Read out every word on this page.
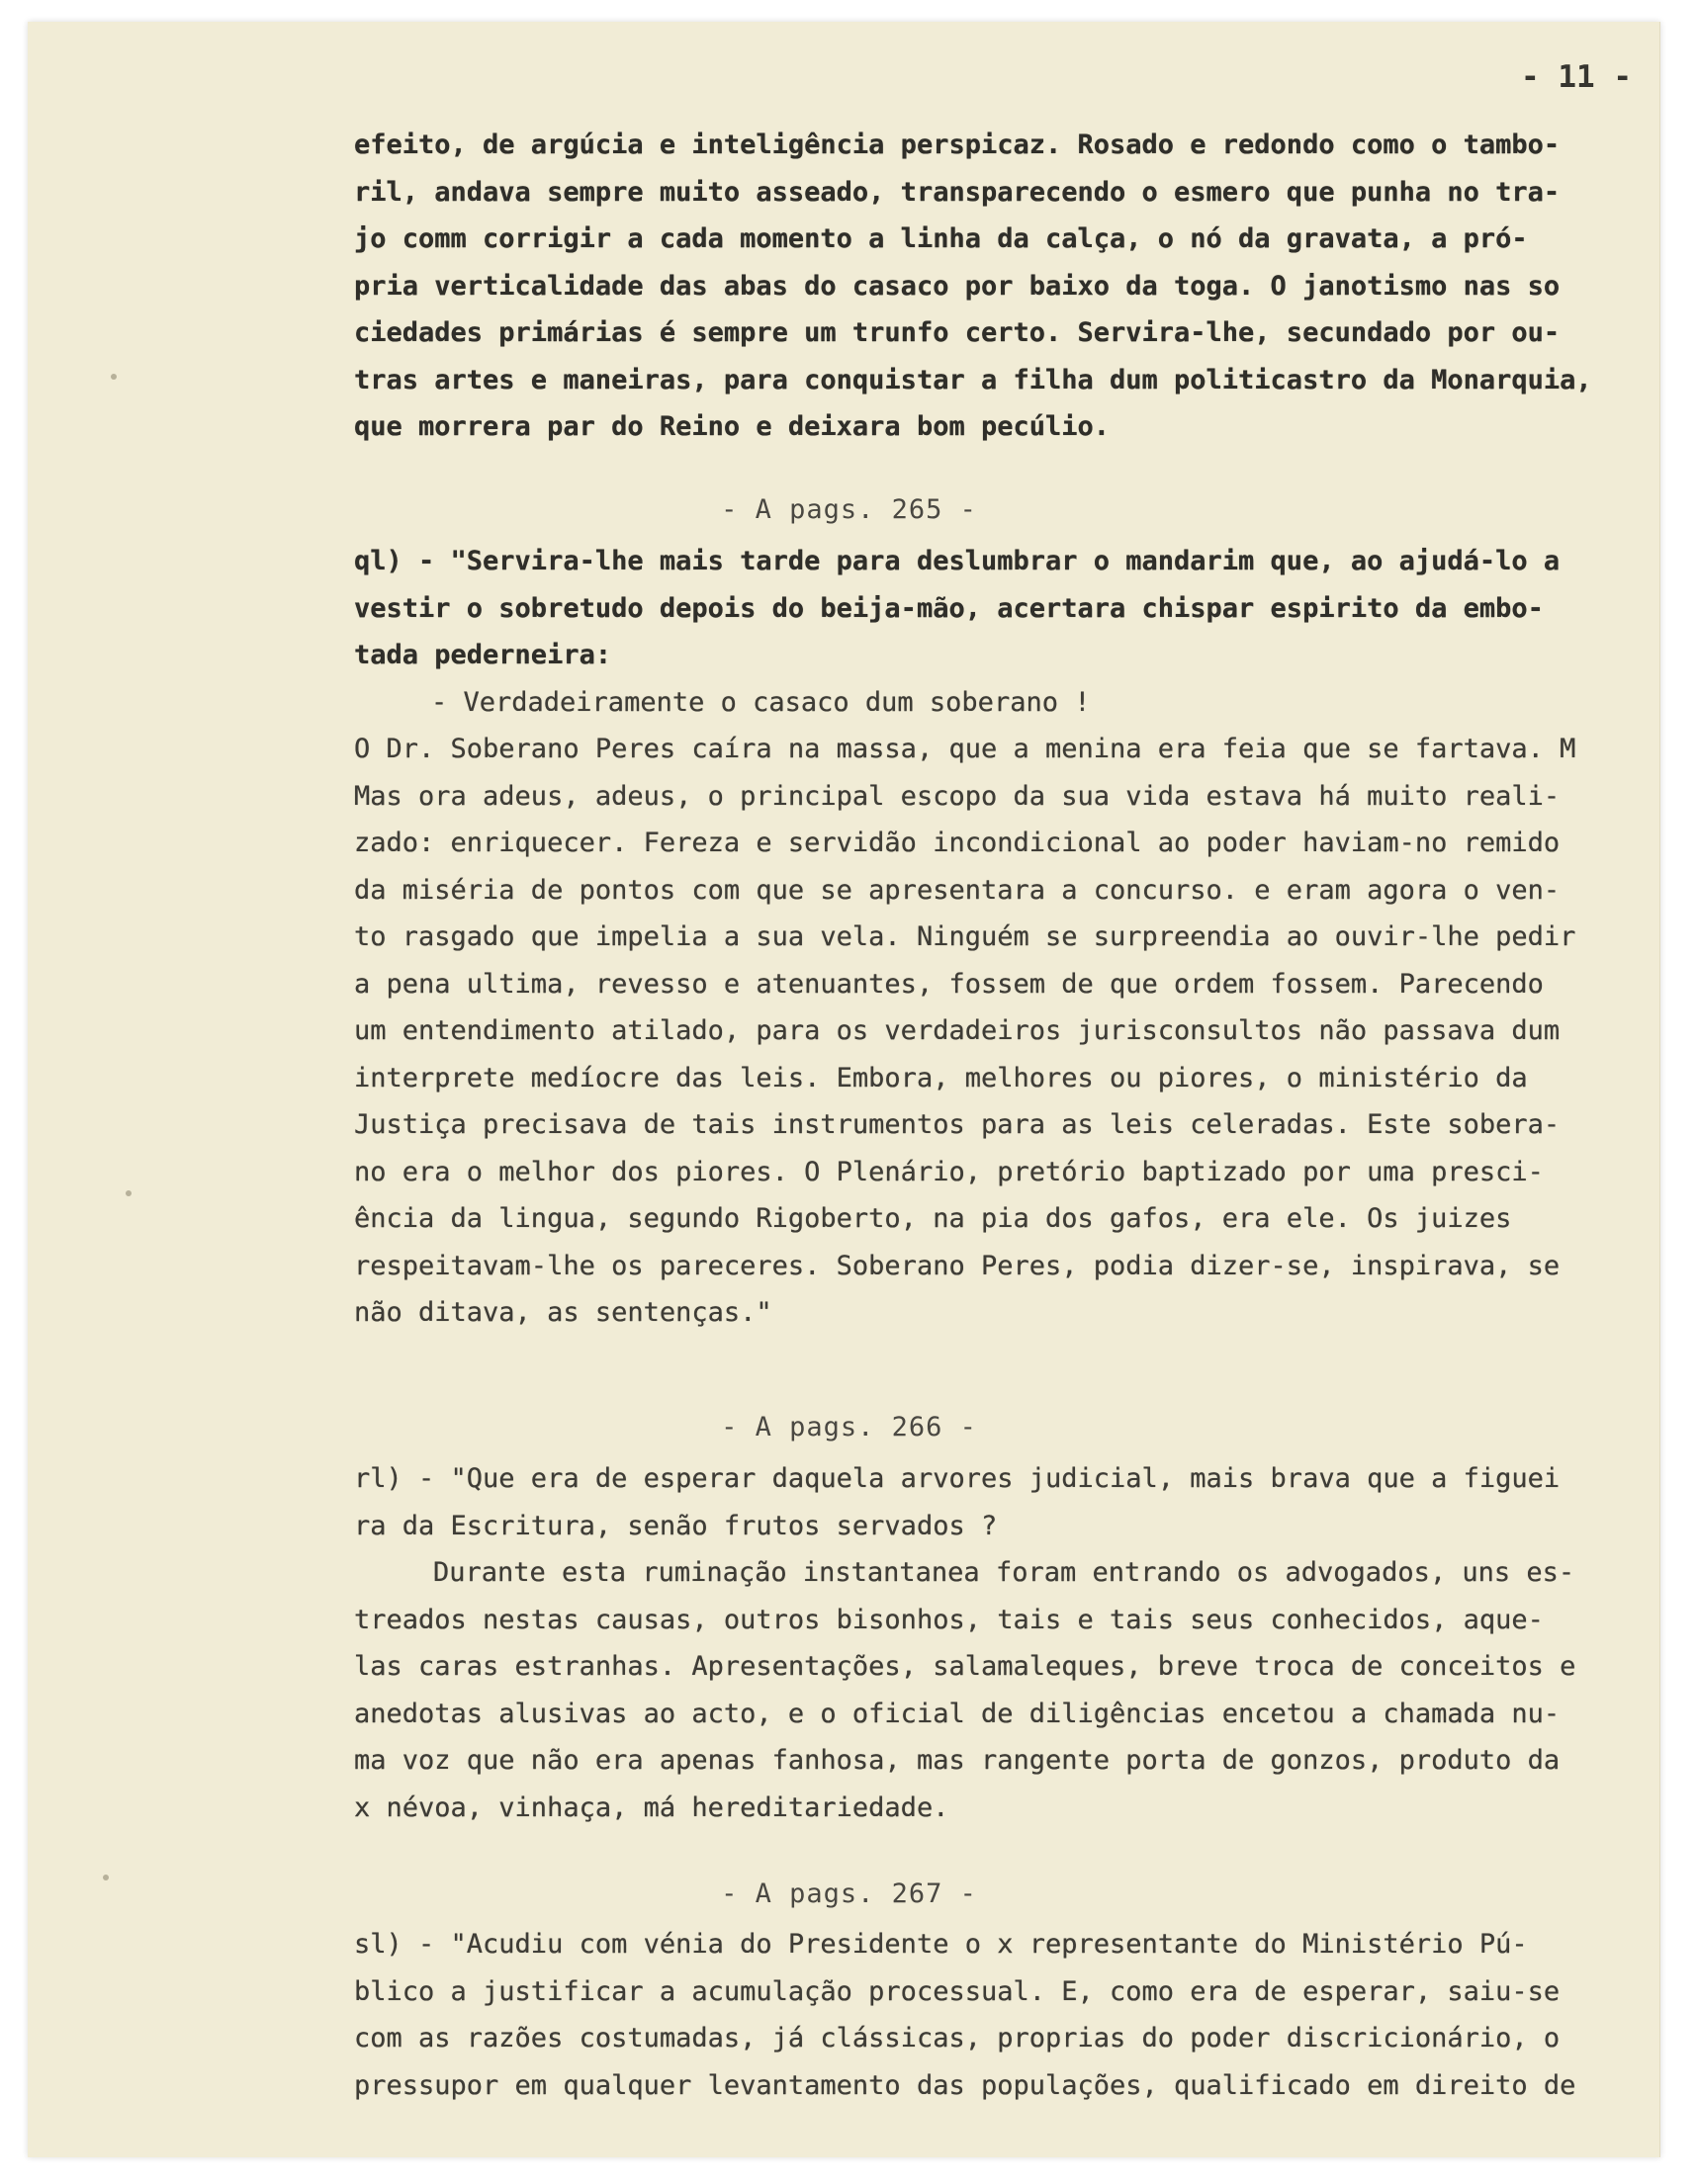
- 11 -
efeito, de argúcia e inteligência perspicaz. Rosado e redondo como o tambo-
ril, andava sempre muito asseado, transparecendo o esmero que punha no tra-
jo comm corrigir a cada momento a linha da calça, o nó da gravata, a pró-
pria verticalidade das abas do casaco por baixo da toga. O janotismo nas so
ciedades primárias é sempre um trunfo certo. Servira-lhe, secundado por ou-
tras artes e maneiras, para conquistar a filha dum politicastro da Monarquia,
que morrera par do Reino e deixara bom pecúlio.
- A pags. 265 -
ql) - "Servira-lhe mais tarde para deslumbrar o mandarim que, ao ajudá-lo a
vestir o sobretudo depois do beija-mão, acertara chispar espirito da embo-
tada pederneira:
- Verdadeiramente o casaco dum soberano !
O Dr. Soberano Peres caíra na massa, que a menina era feia que se fartava. M
Mas ora adeus, adeus, o principal escopo da sua vida estava há muito reali-
zado: enriquecer. Fereza e servidão incondicional ao poder haviam-no remido
da miséria de pontos com que se apresentara a concurso. e eram agora o ven-
to rasgado que impelia a sua vela. Ninguém se surpreendia ao ouvir-lhe pedir
a pena ultima, revesso e atenuantes, fossem de que ordem fossem. Parecendo
um entendimento atilado, para os verdadeiros jurisconsultos não passava dum
interprete medíocre das leis. Embora, melhores ou piores, o ministério da
Justiça precisava de tais instrumentos para as leis celeradas. Este sobera-
no era o melhor dos piores. O Plenário, pretório baptizado por uma presci-
ência da lingua, segundo Rigoberto, na pia dos gafos, era ele. Os juizes
respeitavam-lhe os pareceres. Soberano Peres, podia dizer-se, inspirava, se
não ditava, as sentenças."
- A pags. 266 -
rl) - "Que era de esperar daquela arvores judicial, mais brava que a figuei
ra da Escritura, senão frutos servados ?
Durante esta ruminação instantanea foram entrando os advogados, uns es-
treados nestas causas, outros bisonhos, tais e tais seus conhecidos, aque-
las caras estranhas. Apresentações, salamaleques, breve troca de conceitos e
anedotas alusivas ao acto, e o oficial de diligências encetou a chamada nu-
ma voz que não era apenas fanhosa, mas rangente porta de gonzos, produto da
x névoa, vinhaça, má hereditariedade.
- A pags. 267 -
sl) - "Acudiu com vénia do Presidente o x representante do Ministério Pú-
blico a justificar a acumulação processual. E, como era de esperar, saiu-se
com as razões costumadas, já clássicas, proprias do poder discricionário, o
pressupor em qualquer levantamento das populações, qualificado em direito de
